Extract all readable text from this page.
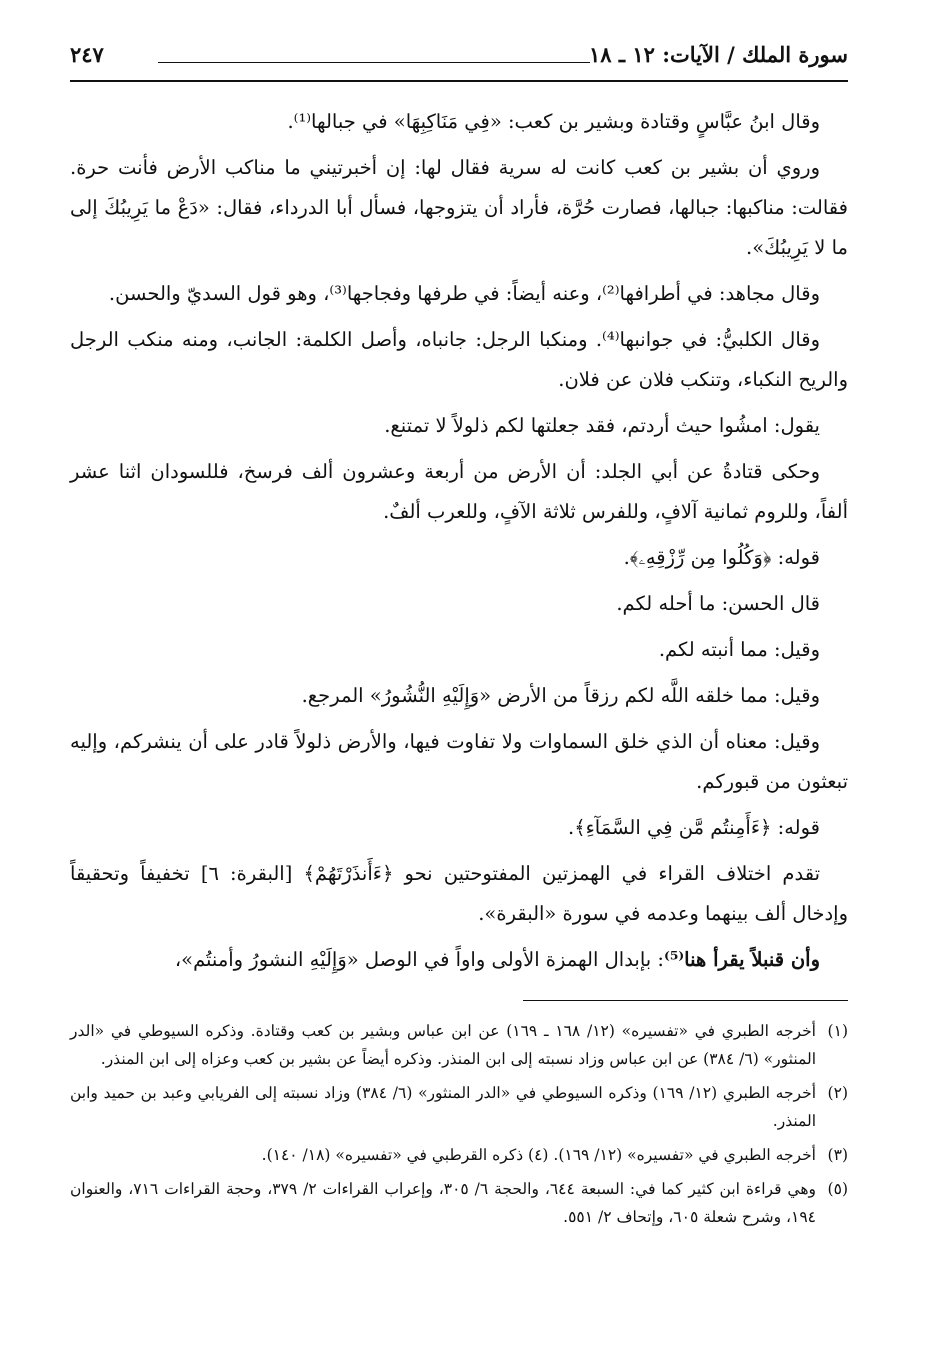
سورة الملك / الآيات: ١٢ ـ ١٨
٢٤٧

وقال ابنُ عبَّاسٍ وقتادة وبشير بن كعب: «فِي مَنَاكِبِهَا» في جبالها⁽¹⁾.

وروي أن بشير بن كعب كانت له سرية فقال لها: إن أخبرتيني ما مناكب الأرض فأنت حرة. فقالت: مناكبها: جبالها، فصارت حُرَّة، فأراد أن يتزوجها، فسأل أبا الدرداء، فقال: «دَعْ ما يَرِيبُكَ إلى ما لا يَرِيبُكَ».

وقال مجاهد: في أطرافها⁽²⁾، وعنه أيضاً: في طرفها وفجاجها⁽³⁾، وهو قول السديّ والحسن.

وقال الكلبيُّ: في جوانبها⁽⁴⁾. ومنكبا الرجل: جانباه، وأصل الكلمة: الجانب، ومنه منكب الرجل والريح النكباء، وتنكب فلان عن فلان.

يقول: امشُوا حيث أردتم، فقد جعلتها لكم ذلولاً لا تمتنع.

وحكى قتادةُ عن أبي الجلد: أن الأرض من أربعة وعشرون ألف فرسخ، فللسودان اثنا عشر ألفاً، وللروم ثمانية آلافٍ، وللفرس ثلاثة الآفٍ، وللعرب ألفٌ.

قوله: ﴿وَكُلُوا مِن رِّزْقِهِۦ﴾.

قال الحسن: ما أحله لكم.

وقيل: مما أنبته لكم.

وقيل: مما خلقه اللَّه لكم رزقاً من الأرض «وَإِلَيْهِ النُّشُورُ» المرجع.

وقيل: معناه أن الذي خلق السماوات ولا تفاوت فيها، والأرض ذلولاً قادر على أن ينشركم، وإليه تبعثون من قبوركم.

قوله: ﴿ءَأَمِنتُم مَّن فِي السَّمَآءِ﴾.

تقدم اختلاف القراء في الهمزتين المفتوحتين نحو ﴿ءَأَنذَرْتَهُمْ﴾ [البقرة: ٦] تخفيفاً وتحقيقاً وإدخال ألف بينهما وعدمه في سورة «البقرة».

وأن قنبلاً يقرأ هنا⁽⁵⁾: بإبدال الهمزة الأولى واواً في الوصل «وَإِلَيْهِ النشورُ وأمنتُم»،

(١)
أخرجه الطبري في «تفسيره» (١٢/ ١٦٨ ـ ١٦٩) عن ابن عباس وبشير بن كعب وقتادة. وذكره السيوطي في «الدر المنثور» (٦/ ٣٨٤) عن ابن عباس وزاد نسبته إلى ابن المنذر. وذكره أيضاً عن بشير بن كعب وعزاه إلى ابن المنذر.
(٢)
أخرجه الطبري (١٢/ ١٦٩) وذكره السيوطي في «الدر المنثور» (٦/ ٣٨٤) وزاد نسبته إلى الفريابي وعبد بن حميد وابن المنذر.
(٣)
أخرجه الطبري في «تفسيره» (١٢/ ١٦٩). (٤) ذكره القرطبي في «تفسيره» (١٨/ ١٤٠).
(٥)
وهي قراءة ابن كثير كما في: السبعة ٦٤٤، والحجة ٦/ ٣٠٥، وإعراب القراءات ٢/ ٣٧٩، وحجة القراءات ٧١٦، والعنوان ١٩٤، وشرح شعلة ٦٠٥، وإتحاف ٢/ ٥٥١.
